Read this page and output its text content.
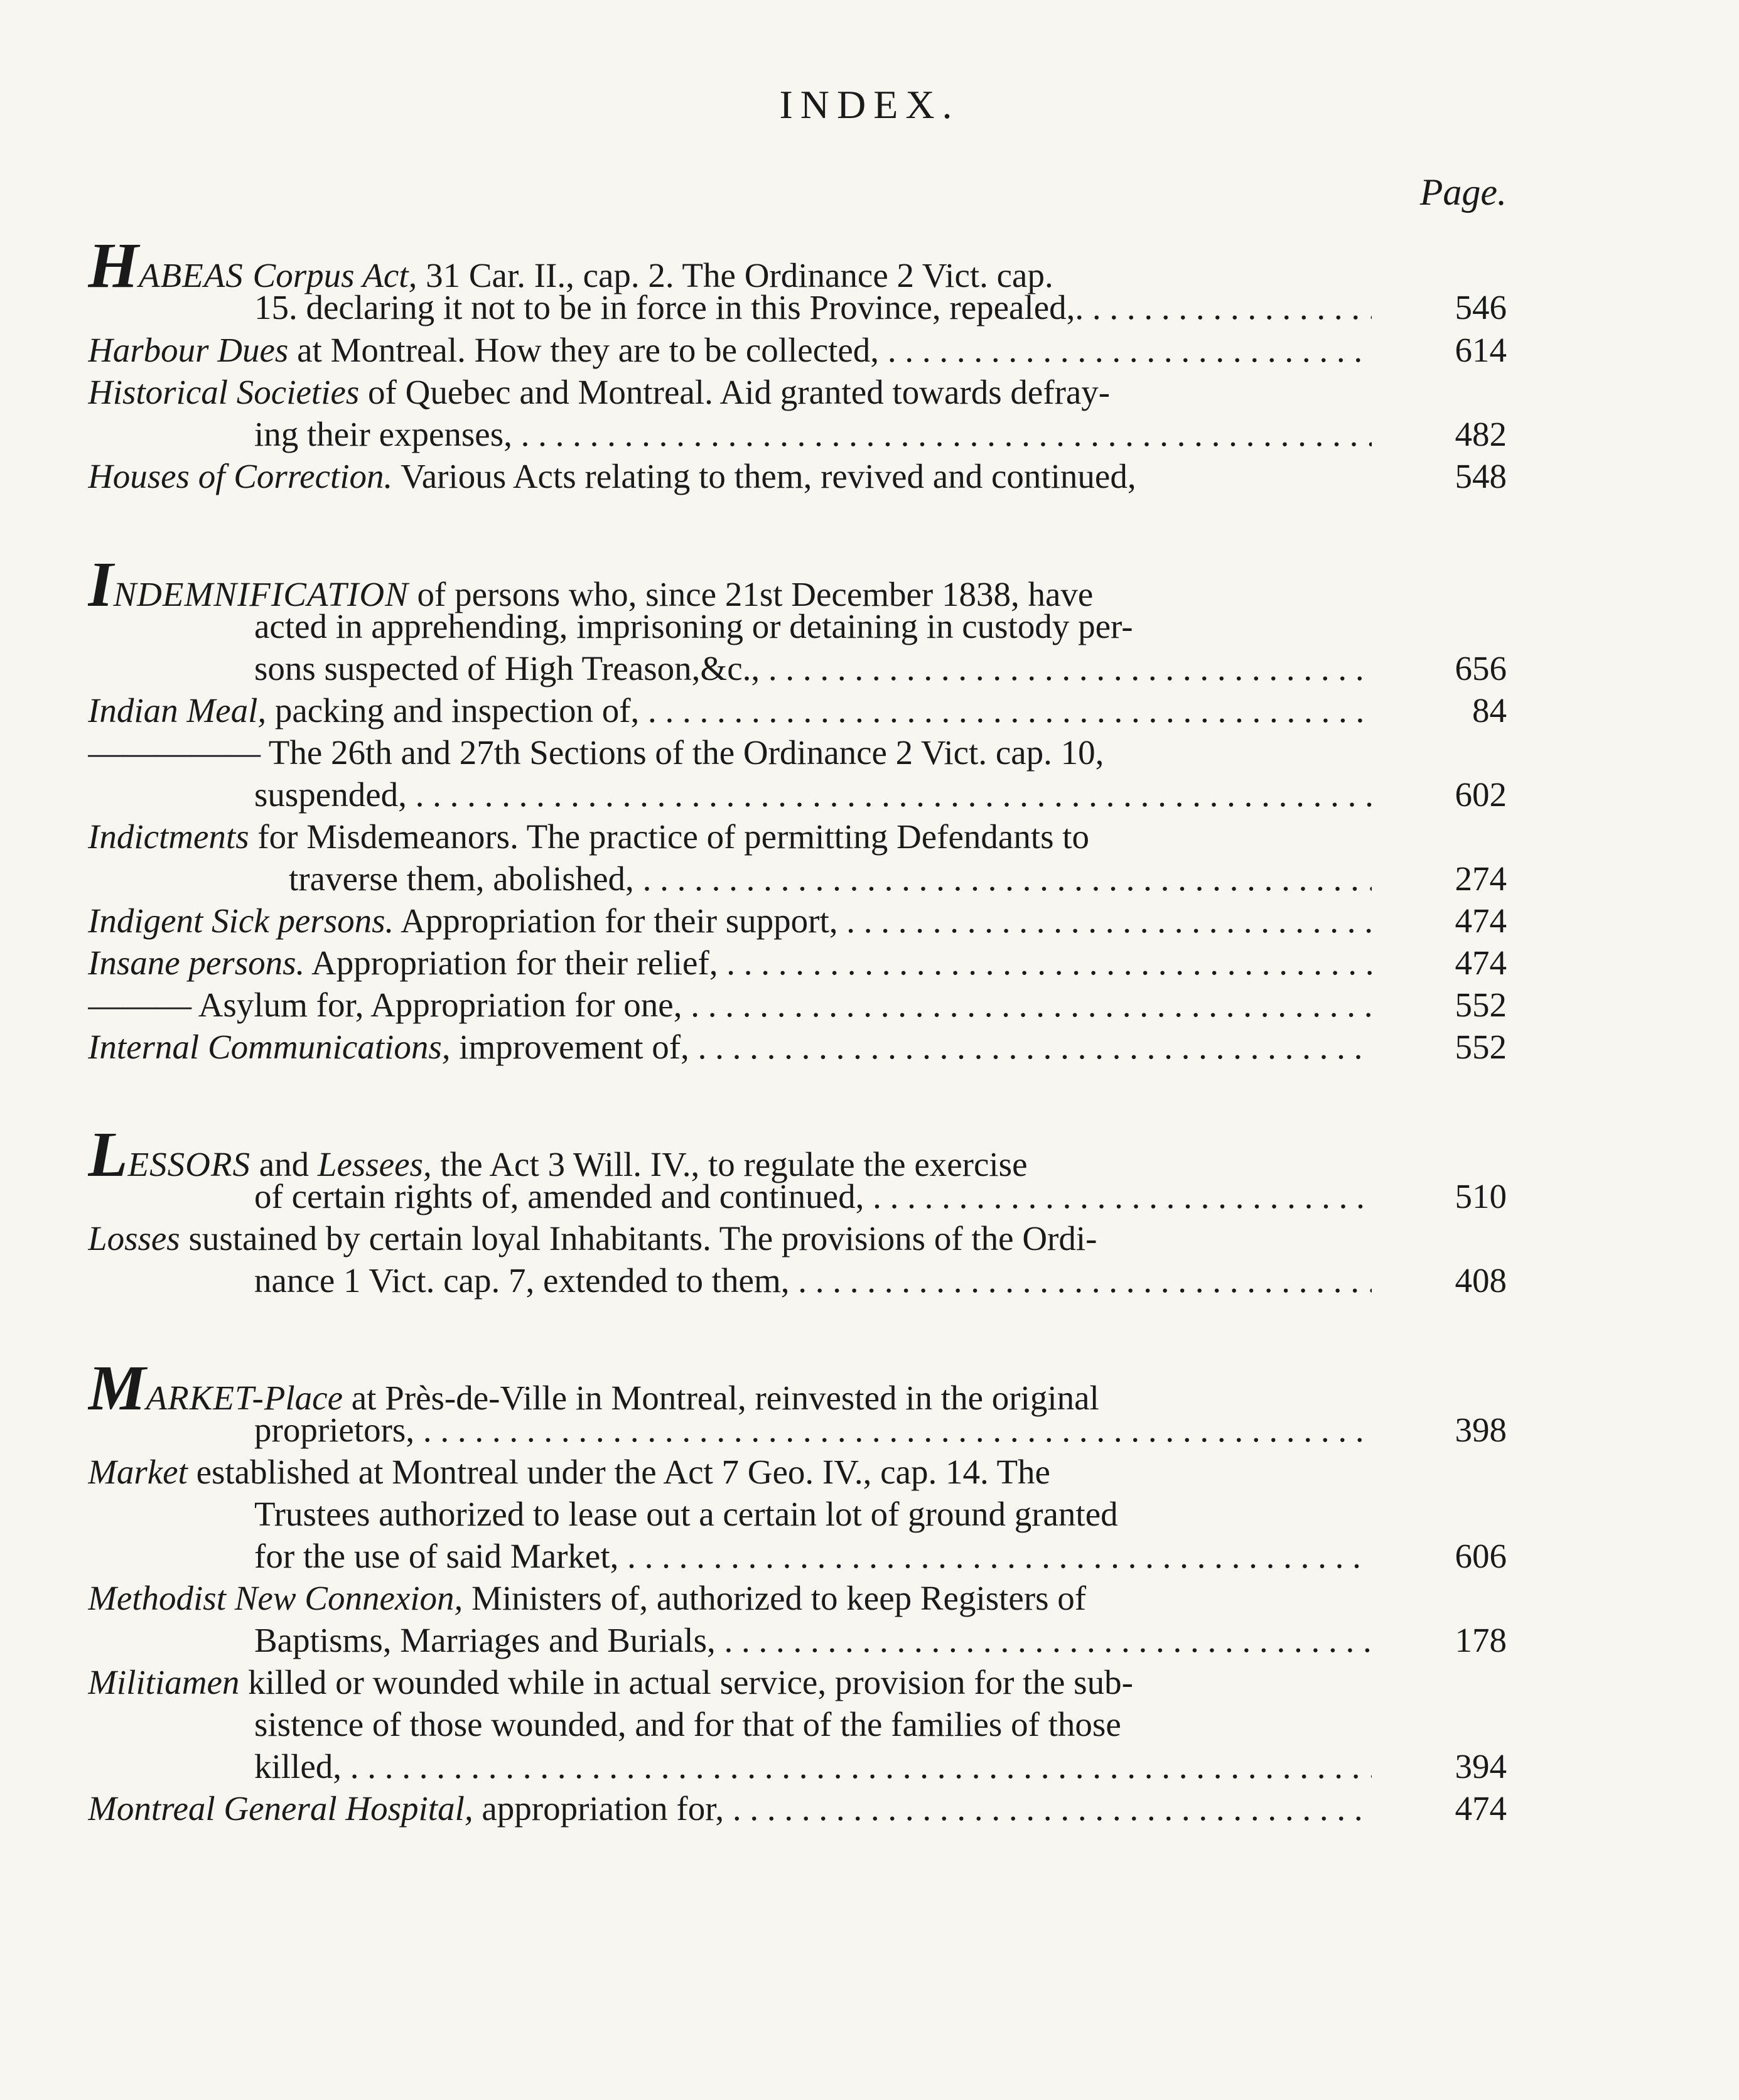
INDEX.
Page.
HABEAS Corpus Act, 31 Car. II., cap. 2. The Ordinance 2 Vict. cap.
15. declaring it not to be in force in this Province, repealed,. . . . .	546
Harbour Dues at Montreal. How they are to be collected, . . .	614
Historical Societies of Quebec and Montreal. Aid granted towards defray-
ing their expenses, . . .	482
Houses of Correction. Various Acts relating to them, revived and continued,	548
INDEMNIFICATION of persons who, since 21st December 1838, have
acted in apprehending, imprisoning or detaining in custody per-
sons suspected of High Treason,&c., . . .	656
Indian Meal, packing and inspection of, . . .	84
————— The 26th and 27th Sections of the Ordinance 2 Vict. cap. 10,
suspended, . . .	602
Indictments for Misdemeanors. The practice of permitting Defendants to
traverse them, abolished, . . .	274
Indigent Sick persons. Appropriation for their support, . . .	474
Insane persons. Appropriation for their relief, . . .	474
——— Asylum for, Appropriation for one, . . .	552
Internal Communications, improvement of, . . .	552
LESSORS and Lessees, the Act 3 Will. IV., to regulate the exercise
of certain rights of, amended and continued, . . .	510
Losses sustained by certain loyal Inhabitants. The provisions of the Ordi-
nance 1 Vict. cap. 7, extended to them, . . .	408
MARKET-Place at Près-de-Ville in Montreal, reinvested in the original
proprietors, . . .	398
Market established at Montreal under the Act 7 Geo. IV., cap. 14. The
Trustees authorized to lease out a certain lot of ground granted
for the use of said Market, . . .	606
Methodist New Connexion, Ministers of, authorized to keep Registers of
Baptisms, Marriages and Burials, . . .	178
Militiamen killed or wounded while in actual service, provision for the sub-
sistence of those wounded, and for that of the families of those
killed, . . .	394
Montreal General Hospital, appropriation for, . . .	474
